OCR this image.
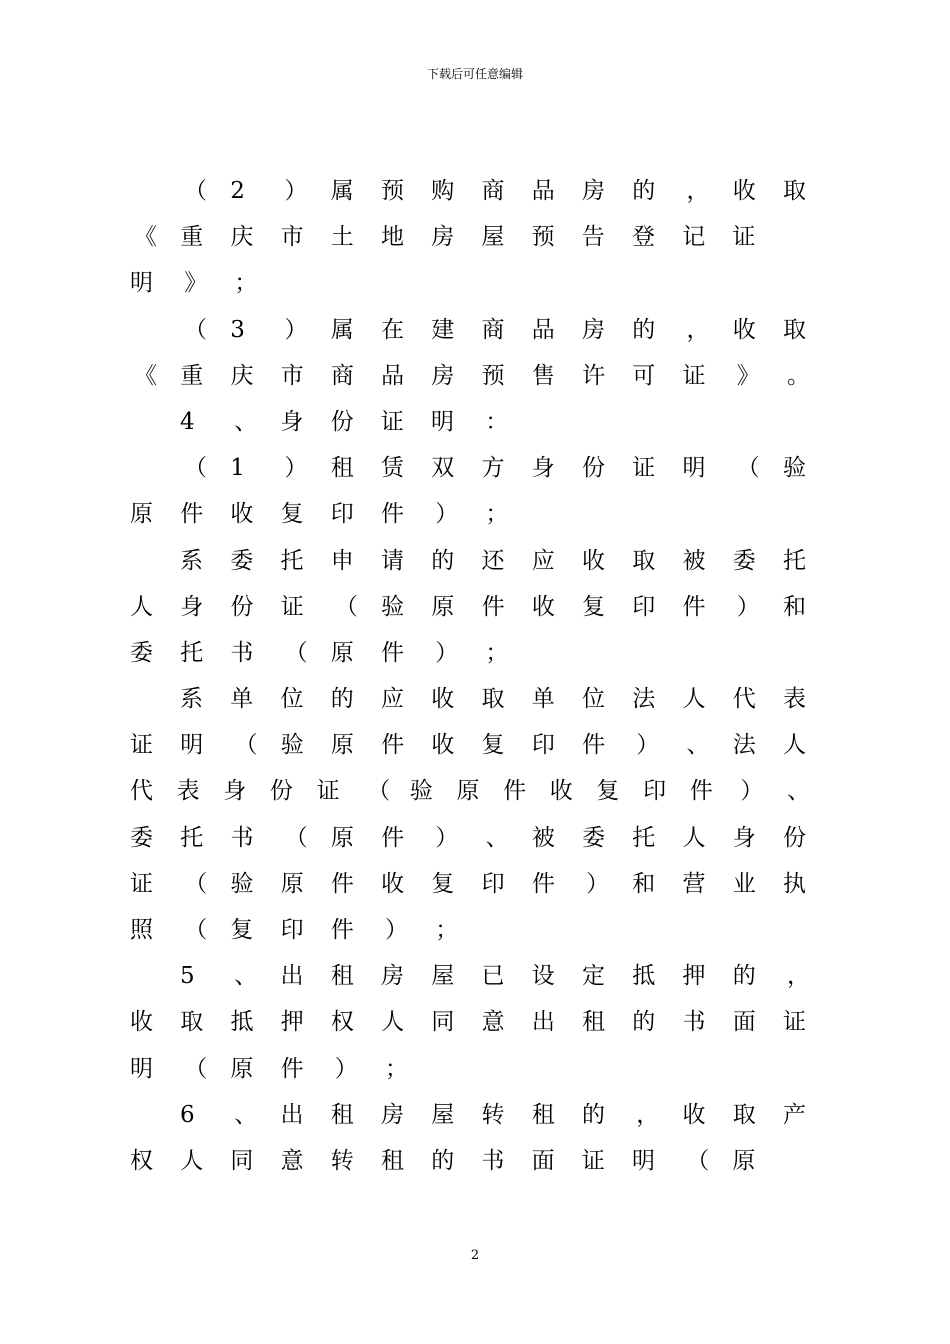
下载后可任意编辑
（ 2 ） 属 预 购 商 品 房 的 ， 收 取
《 重 庆 市 土 地 房 屋 预 告 登 记 证
明 》 ；
（ 3 ） 属 在 建 商 品 房 的 ， 收 取
《 重 庆 市 商 品 房 预 售 许 可 证 》 。
4 、 身 份 证 明 ：
（ 1 ） 租 赁 双 方 身 份 证 明 （ 验
原 件 收 复 印 件 ） ；
系 委 托 申 请 的 还 应 收 取 被 委 托
人 身 份 证 （ 验 原 件 收 复 印 件 ） 和
委 托 书 （ 原 件 ） ；
系 单 位 的 应 收 取 单 位 法 人 代 表
证 明 （ 验 原 件 收 复 印 件 ） 、 法 人
代 表 身 份 证 （ 验 原 件 收 复 印 件 ） 、
委 托 书 （ 原 件 ） 、 被 委 托 人 身 份
证 （ 验 原 件 收 复 印 件 ） 和 营 业 执
照 （ 复 印 件 ） ；
5 、 出 租 房 屋 已 设 定 抵 押 的 ，
收 取 抵 押 权 人 同 意 出 租 的 书 面 证
明 （ 原 件 ） ；
6 、 出 租 房 屋 转 租 的 ， 收 取 产
权 人 同 意 转 租 的 书 面 证 明 （ 原
2
